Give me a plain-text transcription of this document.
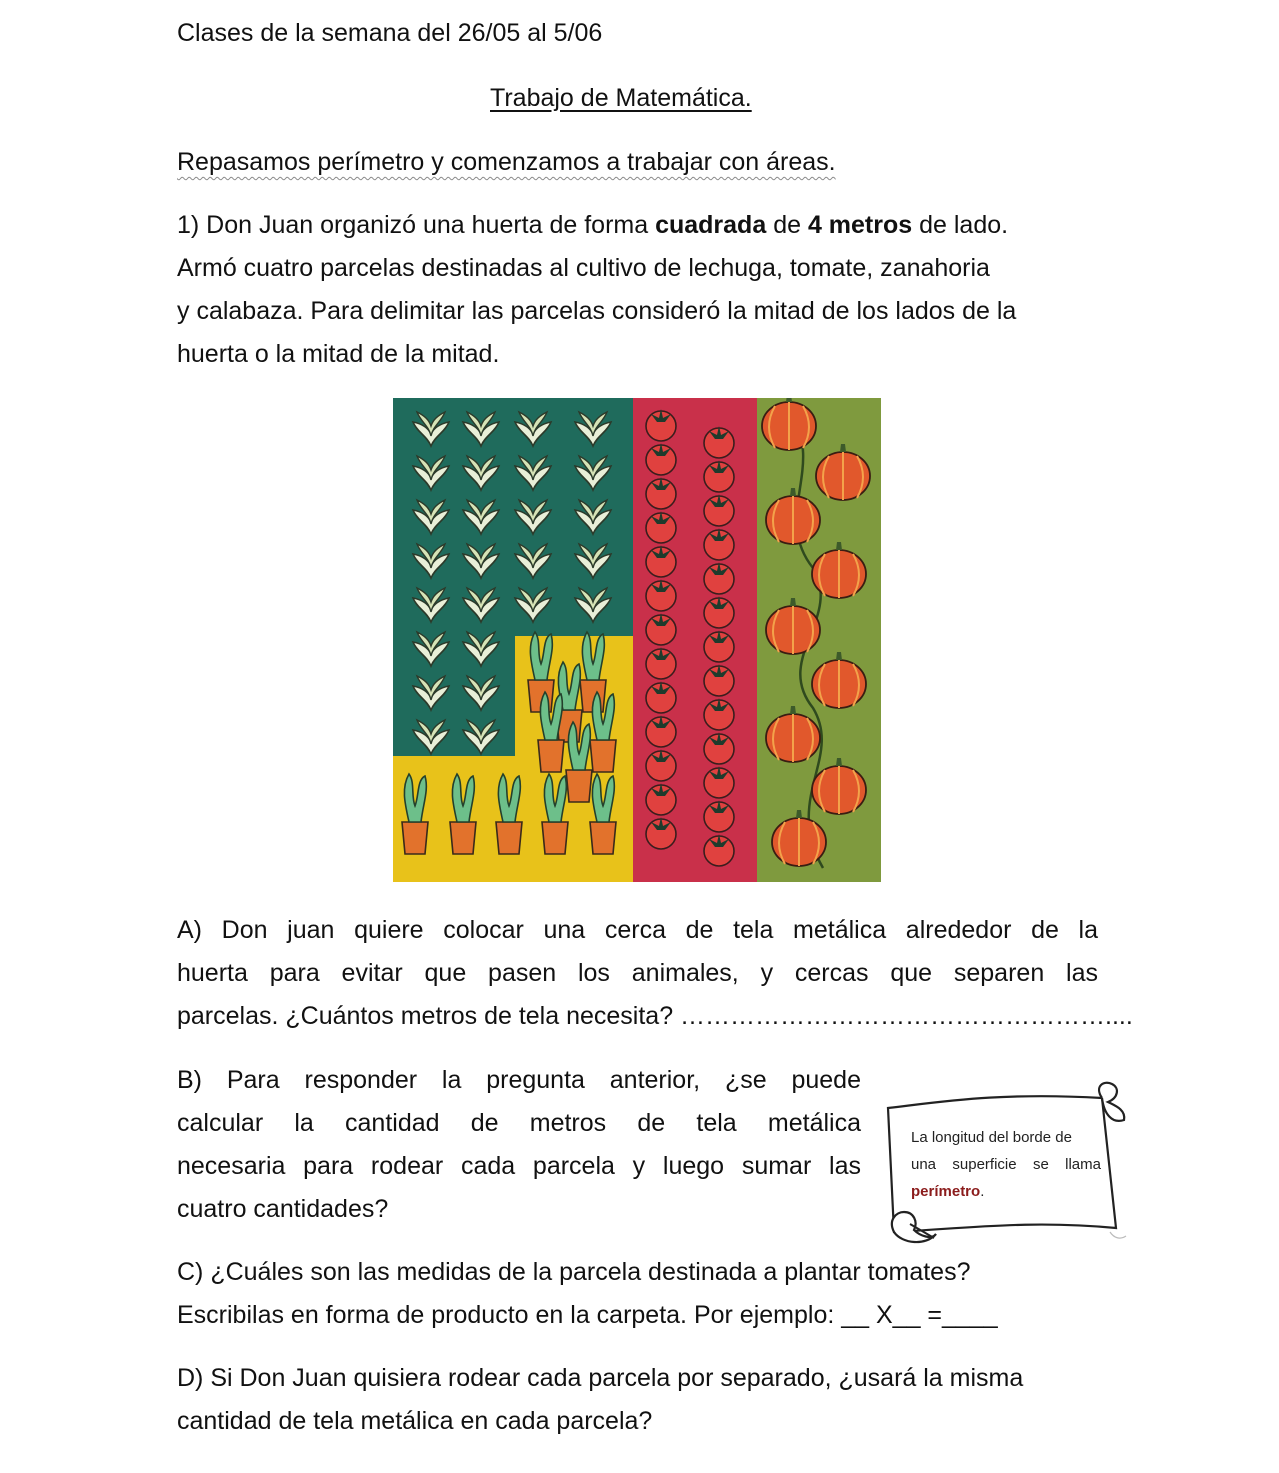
Clases de la semana del 26/05 al 5/06
Trabajo de Matemática.
Repasamos perímetro y comenzamos a trabajar con áreas.
1) Don Juan organizó una huerta de forma cuadrada de 4 metros de lado.
Armó cuatro parcelas destinadas al cultivo de lechuga, tomate, zanahoria
y calabaza. Para delimitar las parcelas consideró la mitad de los lados de la
huerta o la mitad de la mitad.
A) Don juan quiere colocar una cerca de tela metálica alrededor de la
huerta para evitar que pasen los animales, y cercas que separen las
parcelas. ¿Cuántos metros de tela necesita? ……………………………………………....
B) Para responder la pregunta anterior, ¿se puede
calcular la cantidad de metros de tela metálica
necesaria para rodear cada parcela y luego sumar las
cuatro cantidades?
La longitud del borde de
una superficie se llama
perímetro.
C) ¿Cuáles son las medidas de la parcela destinada a plantar tomates?
Escribilas en forma de producto en la carpeta. Por ejemplo: __ X__ =____
D) Si Don Juan quisiera rodear cada parcela por separado, ¿usará la misma
cantidad de tela metálica en cada parcela?
